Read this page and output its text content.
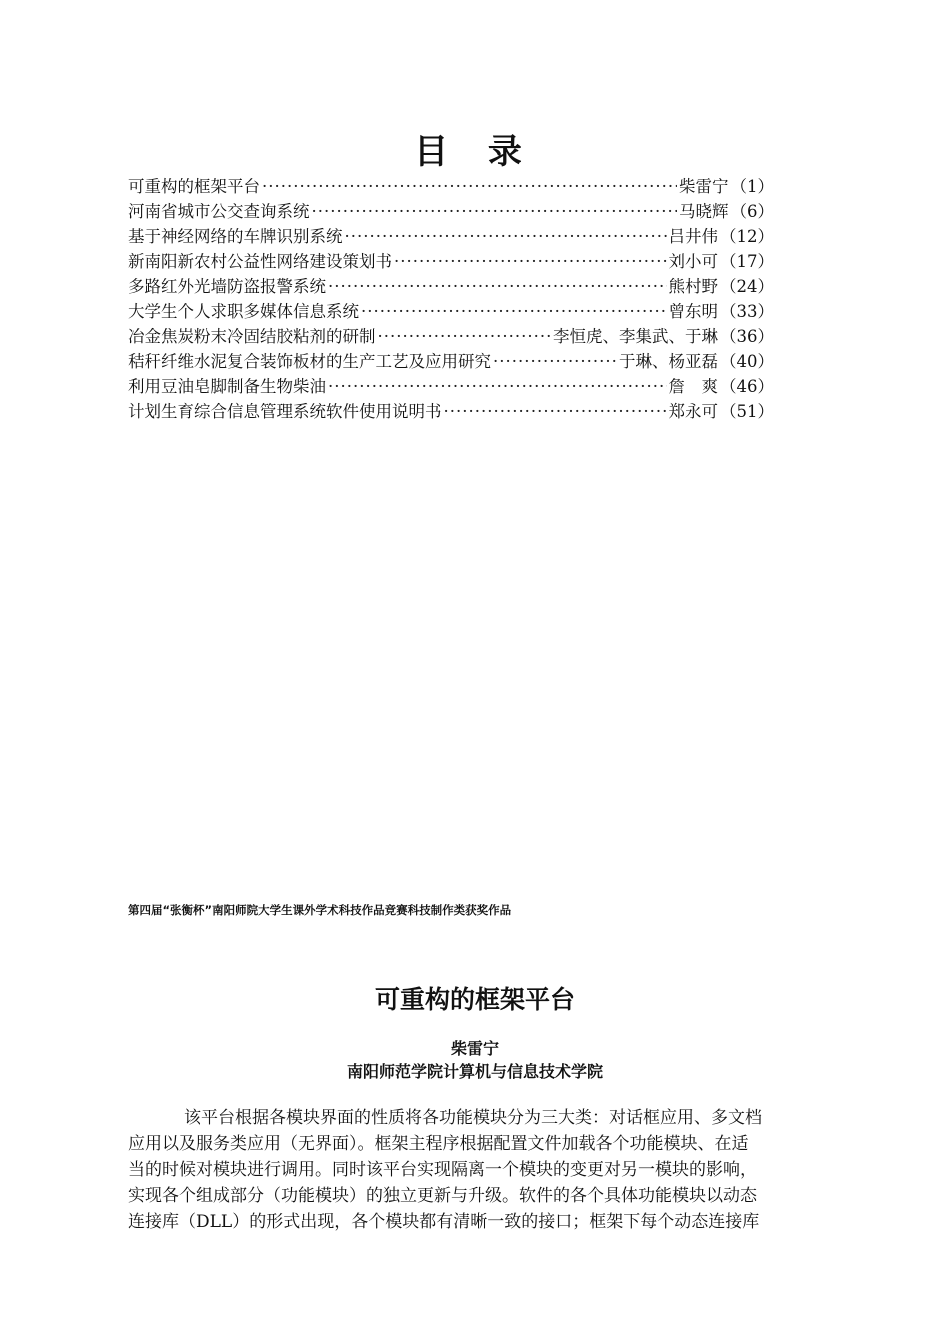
目 录
可重构的框架平台 ·····	柴雷宁 （1）
河南省城市公交查询系统 ·····	马晓辉 （6）
基于神经网络的车牌识别系统 ·····	吕井伟 （12）
新南阳新农村公益性网络建设策划书 ·····	刘小可 （17）
多路红外光墙防盗报警系统 ·····	熊村野 （24）
大学生个人求职多媒体信息系统 ·····	曾东明 （33）
冶金焦炭粉末冷固结胶粘剂的研制 ·····	李恒虎、李集武、于琳 （36）
秸秆纤维水泥复合装饰板材的生产工艺及应用研究 ·····	于琳、杨亚磊 （40）
利用豆油皂脚制备生物柴油 ·····	詹　爽 （46）
计划生育综合信息管理系统软件使用说明书 ·····	郑永可 （51）
第四届“张衡杯”南阳师院大学生课外学术科技作品竞赛科技制作类获奖作品
可重构的框架平台
柴雷宁
南阳师范学院计算机与信息技术学院
该平台根据各模块界面的性质将各功能模块分为三大类：对话框应用、多文档
应用以及服务类应用（无界面）。框架主程序根据配置文件加载各个功能模块、在适
当的时候对模块进行调用。同时该平台实现隔离一个模块的变更对另一模块的影响，
实现各个组成部分（功能模块）的独立更新与升级。软件的各个具体功能模块以动态
连接库（DLL）的形式出现，各个模块都有清晰一致的接口；框架下每个动态连接库
